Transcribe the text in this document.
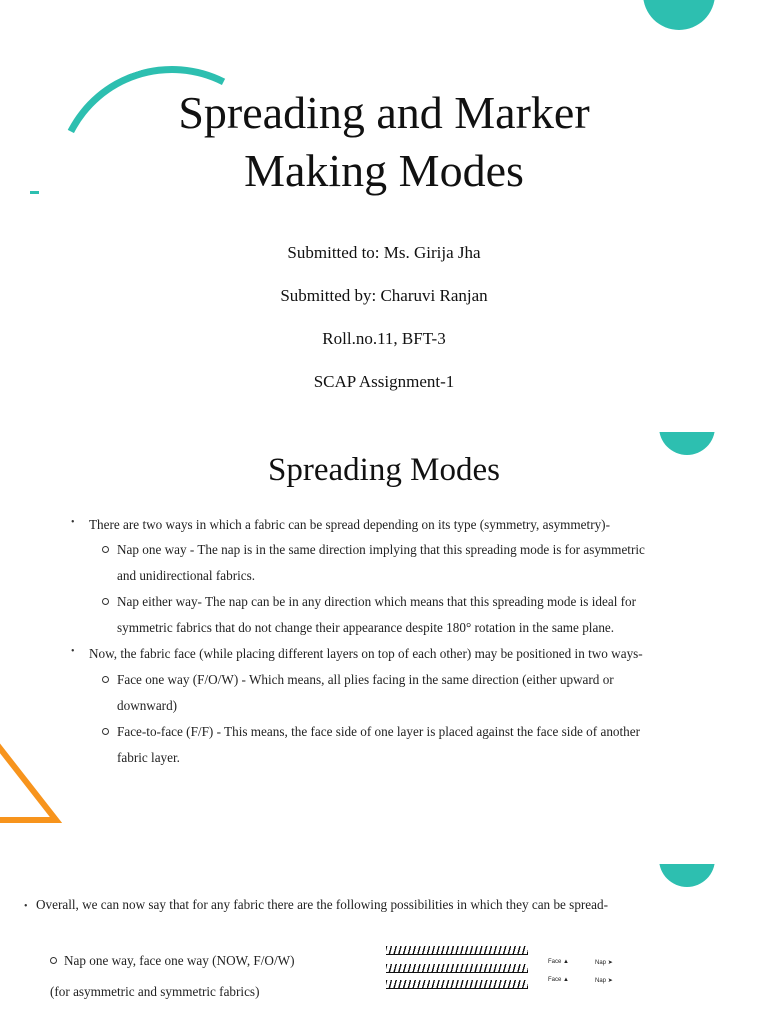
Spreading and Marker
Making Modes

Submitted to: Ms. Girija Jha

Submitted by: Charuvi Ranjan

Roll.no.11, BFT-3

SCAP Assignment-1

Spreading Modes
• There are two ways in which a fabric can be spread depending on its type (symmetry, asymmetry)-
Nap one way - The nap is in the same direction implying that this spreading mode is for asymmetric
and unidirectional fabrics.
Nap either way- The nap can be in any direction which means that this spreading mode is ideal for
symmetric fabrics that do not change their appearance despite 180° rotation in the same plane.
• Now, the fabric face (while placing different layers on top of each other) may be positioned in two ways-
Face one way (F/O/W) - Which means, all plies facing in the same direction (either upward or
downward)
Face-to-face (F/F) - This means, the face side of one layer is placed against the face side of another
fabric layer.
• Overall, we can now say that for any fabric there are the following possibilities in which they can be spread-
Nap one way, face one way (NOW, F/O/W)
(for asymmetric and symmetric fabrics)
Face ▲	Nap ➤
Face ▲	Nap ➤
